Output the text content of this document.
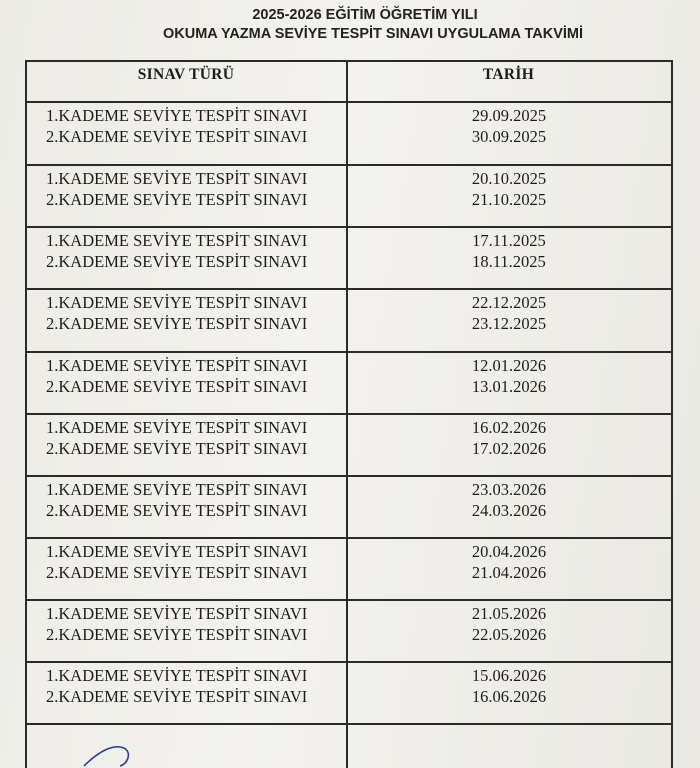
2025-2026 EĞİTİM ÖĞRETİM YILI
OKUMA YAZMA SEVİYE TESPİT SINAVI UYGULAMA TAKVİMİ
SINAV TÜRÜ	TARİH
1.KADEME SEVİYE TESPİT SINAVI
2.KADEME SEVİYE TESPİT SINAVI
29.09.2025
30.09.2025
1.KADEME SEVİYE TESPİT SINAVI
2.KADEME SEVİYE TESPİT SINAVI
20.10.2025
21.10.2025
1.KADEME SEVİYE TESPİT SINAVI
2.KADEME SEVİYE TESPİT SINAVI
17.11.2025
18.11.2025
1.KADEME SEVİYE TESPİT SINAVI
2.KADEME SEVİYE TESPİT SINAVI
22.12.2025
23.12.2025
1.KADEME SEVİYE TESPİT SINAVI
2.KADEME SEVİYE TESPİT SINAVI
12.01.2026
13.01.2026
1.KADEME SEVİYE TESPİT SINAVI
2.KADEME SEVİYE TESPİT SINAVI
16.02.2026
17.02.2026
1.KADEME SEVİYE TESPİT SINAVI
2.KADEME SEVİYE TESPİT SINAVI
23.03.2026
24.03.2026
1.KADEME SEVİYE TESPİT SINAVI
2.KADEME SEVİYE TESPİT SINAVI
20.04.2026
21.04.2026
1.KADEME SEVİYE TESPİT SINAVI
2.KADEME SEVİYE TESPİT SINAVI
21.05.2026
22.05.2026
1.KADEME SEVİYE TESPİT SINAVI
2.KADEME SEVİYE TESPİT SINAVI
15.06.2026
16.06.2026
